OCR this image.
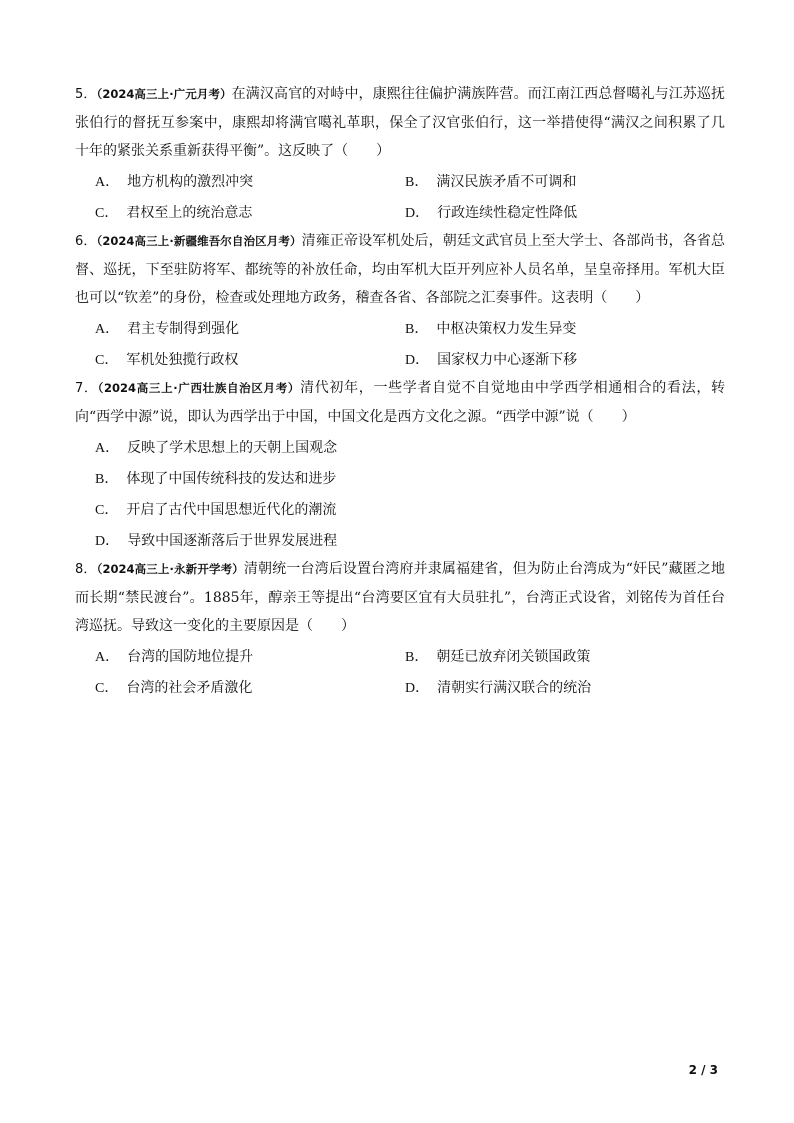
5．（2024高三上·广元月考）在满汉高官的对峙中，康熙往往偏护满族阵营。而江南江西总督噶礼与江苏巡抚张伯行的督抚互参案中，康熙却将满官噶礼革职，保全了汉官张伯行，这一举措使得“满汉之间积累了几十年的紧张关系重新获得平衡”。这反映了（　　）

A． 地方机构的激烈冲突	B． 满汉民族矛盾不可调和
C． 君权至上的统治意志	D． 行政连续性稳定性降低

6．（2024高三上·新疆维吾尔自治区月考）清雍正帝设军机处后，朝廷文武官员上至大学士、各部尚书，各省总督、巡抚，下至驻防将军、都统等的补放任命，均由军机大臣开列应补人员名单，呈皇帝择用。军机大臣也可以“钦差”的身份，检查或处理地方政务，稽查各省、各部院之汇奏事件。这表明（　　）

A． 君主专制得到强化	B． 中枢决策权力发生异变
C． 军机处独揽行政权	D． 国家权力中心逐渐下移

7．（2024高三上·广西壮族自治区月考）清代初年，一些学者自觉不自觉地由中学西学相通相合的看法，转向“西学中源”说，即认为西学出于中国，中国文化是西方文化之源。“西学中源”说（　　）

A． 反映了学术思想上的天朝上国观念
B． 体现了中国传统科技的发达和进步
C． 开启了古代中国思想近代化的潮流
D． 导致中国逐渐落后于世界发展进程

8．（2024高三上·永新开学考）清朝统一台湾后设置台湾府并隶属福建省，但为防止台湾成为“奸民”藏匿之地而长期“禁民渡台”。1885年，醇亲王等提出“台湾要区宜有大员驻扎”，台湾正式设省，刘铭传为首任台湾巡抚。导致这一变化的主要原因是（　　）

A． 台湾的国防地位提升	B． 朝廷已放弃闭关锁国政策
C． 台湾的社会矛盾激化	D． 清朝实行满汉联合的统治
2 / 3
